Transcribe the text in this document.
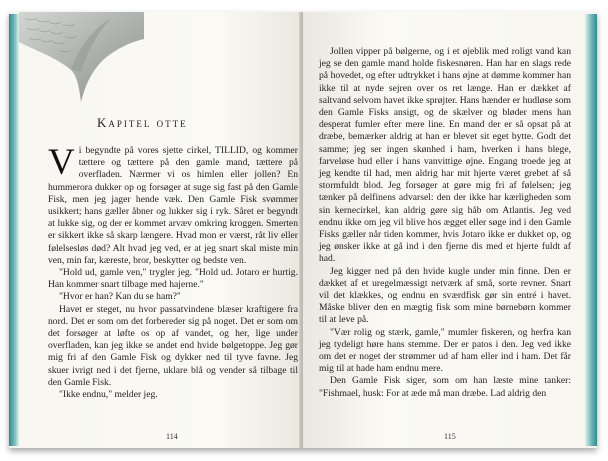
Kapitel otte

Vi begyndte på vores sjette cirkel, TILLID, og kommer tættere og tættere på den gamle mand, tættere på overfladen. Nærmer vi os himlen eller jollen? En hummerora dukker op og forsøger at suge sig fast på den Gamle Fisk, men jeg jager hende væk. Den Gamle Fisk svømmer usikkert; hans gæller åbner og lukker sig i ryk. Såret er begyndt at lukke sig, og der er kommet arvæv omkring kroggen. Smerten er sikkert ikke så skarp længere. Hvad mon er værst, råt liv eller følelsesløs død? Alt hvad jeg ved, er at jeg snart skal miste min ven, min far, kæreste, bror, beskytter og bedste ven.

"Hold ud, gamle ven," trygler jeg. "Hold ud. Jotaro er hurtig. Han kommer snart tilbage med hajerne."

"Hvor er han? Kan du se ham?"

Havet er steget, nu hvor passatvindene blæser kraftigere fra nord. Det er som om det forbereder sig på noget. Det er som om det forsøger at løfte os op af vandet, og her, lige under overfladen, kan jeg ikke se andet end hvide bølgetoppe. Jeg gør mig fri af den Gamle Fisk og dykker ned til tyve favne. Jeg skuer ivrigt ned i det fjerne, uklare blå og vender så tilbage til den Gamle Fisk.

"Ikke endnu," melder jeg.

114

Jollen vipper på bølgerne, og i et øjeblik med roligt vand kan jeg se den gamle mand holde fiskesnøren. Han har en slags rede på hovedet, og efter udtrykket i hans øjne at dømme kommer han ikke til at nyde sejren over os ret længe. Han er dækket af saltvand selvom havet ikke sprøjter. Hans hænder er hudløse som den Gamle Fisks ansigt, og de skælver og bløder mens han desperat fumler efter mere line. En mand der er så opsat på at dræbe, bemærker aldrig at han er blevet sit eget bytte. Godt det samme; jeg ser ingen skønhed i ham, hverken i hans blege, farveløse hud eller i hans vanvittige øjne. Engang troede jeg at jeg kendte til had, men aldrig har mit hjerte været grebet af så stormfuldt blod. Jeg forsøger at gøre mig fri af følelsen; jeg tænker på delfinens advarsel: den der ikke har kærligheden som sin kernecirkel, kan aldrig gøre sig håb om Atlantis. Jeg ved endnu ikke om jeg vil blive hos ægget eller søge ind i den Gamle Fisks gæller når tiden kommer, hvis Jotaro ikke er dukket op, og jeg ønsker ikke at gå ind i den fjerne dis med et hjerte fuldt af had.

Jeg kigger ned på den hvide kugle under min finne. Den er dækket af et uregelmæssigt netværk af små, sorte revner. Snart vil det klækkes, og endnu en sværdfisk gør sin entré i havet. Måske bliver den en mægtig fisk som mine børnebørn kommer til at leve på.

"Vær rolig og stærk, gamle," mumler fiskeren, og herfra kan jeg tydeligt høre hans stemme. Der er patos i den. Jeg ved ikke om det er noget der strømmer ud af ham eller ind i ham. Det får mig til at hade ham endnu mere.

Den Gamle Fisk siger, som om han læste mine tanker: "Fishmael, husk: For at æde må man dræbe. Lad aldrig den

115
